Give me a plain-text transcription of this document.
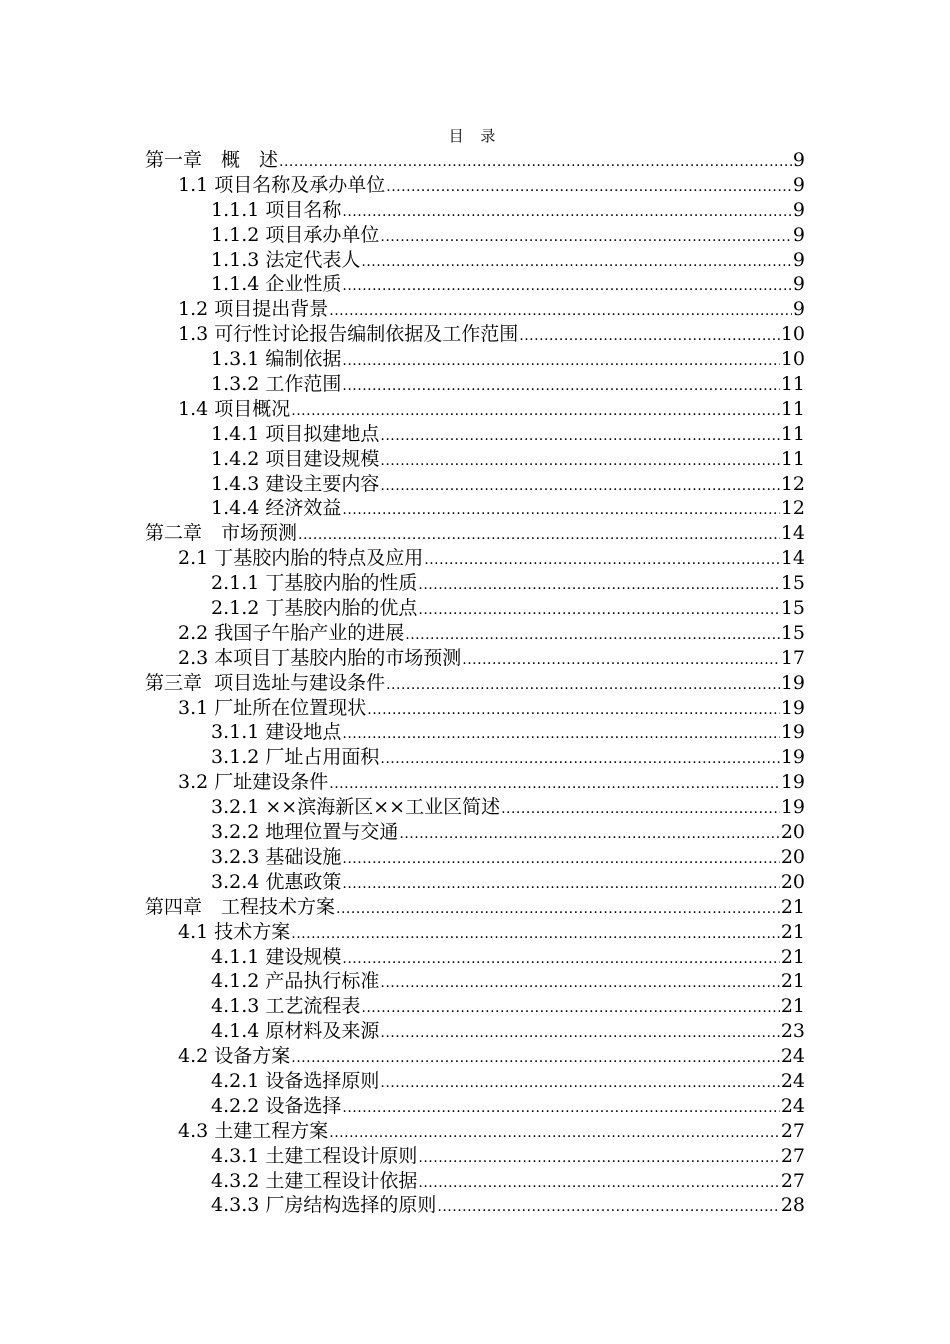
目 录
第一章　概　述 .....	9
1.1 项目名称及承办单位 .....	9
1.1.1 项目名称 .....	9
1.1.2 项目承办单位 .....	9
1.1.3 法定代表人 .....	9
1.1.4 企业性质 .....	9
1.2 项目提出背景 .....	9
1.3 可行性讨论报告编制依据及工作范围 .....	10
1.3.1 编制依据 .....	10
1.3.2 工作范围 .....	11
1.4 项目概况 .....	11
1.4.1 项目拟建地点 .....	11
1.4.2 项目建设规模 .....	11
1.4.3 建设主要内容 .....	12
1.4.4 经济效益 .....	12
第二章　市场预测 .....	14
2.1 丁基胶内胎的特点及应用 .....	14
2.1.1 丁基胶内胎的性质 .....	15
2.1.2 丁基胶内胎的优点 .....	15
2.2 我国子午胎产业的进展 .....	15
2.3 本项目丁基胶内胎的市场预测 .....	17
第三章  项目选址与建设条件 .....	19
3.1 厂址所在位置现状 .....	19
3.1.1 建设地点 .....	19
3.1.2 厂址占用面积 .....	19
3.2 厂址建设条件 .....	19
3.2.1 ××滨海新区××工业区简述 .....	19
3.2.2 地理位置与交通 .....	20
3.2.3 基础设施 .....	20
3.2.4 优惠政策 .....	20
第四章　工程技术方案 .....	21
4.1 技术方案 .....	21
4.1.1 建设规模 .....	21
4.1.2 产品执行标准 .....	21
4.1.3 工艺流程表 .....	21
4.1.4 原材料及来源 .....	23
4.2 设备方案 .....	24
4.2.1 设备选择原则 .....	24
4.2.2 设备选择 .....	24
4.3 土建工程方案 .....	27
4.3.1 土建工程设计原则 .....	27
4.3.2 土建工程设计依据 .....	27
4.3.3 厂房结构选择的原则 .....	28
